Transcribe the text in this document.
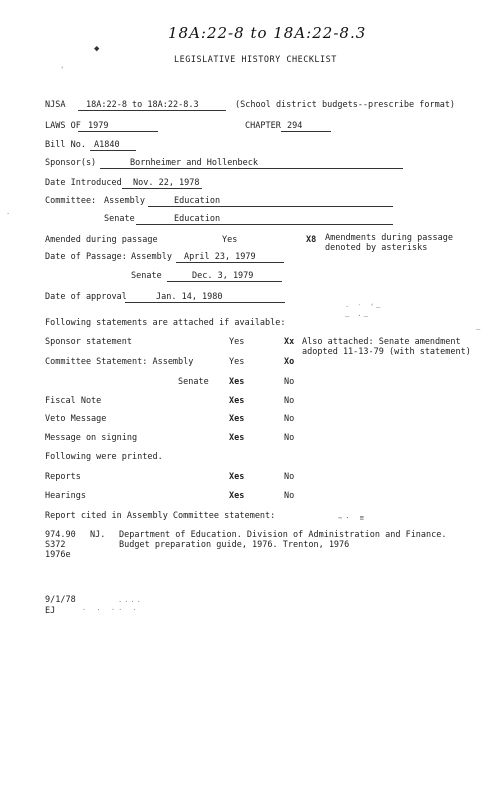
18A:22-8 to 18A:22-8.3
◆
LEGISLATIVE HISTORY CHECKLIST
NJSA 18A:22-8 to 18A:22-8.3	(School district budgets--prescribe format)
LAWS OF 1979	CHAPTER 294
Bill No. A1840
Sponsor(s)	Bornheimer and Hollenbeck
Date Introduced Nov. 22, 1978
Committee: Assembly	Education
Senate	Education
Amended during passage	Yes	X8 Amendments during passage
denoted by asterisks
Date of Passage: Assembly April 23, 1979
Senate	Dec. 3, 1979
Date of approval	Jan. 14, 1980
· ′ ‘—
— ·—
Following statements are attached if available:
Sponsor statement	Yes	Xx Also attached: Senate amendment
adopted 11-13-79 (with statement)
Committee Statement: Assembly	Yes	Xo
Senate Xes	No
Fiscal Note	Xes	No
Veto Message	Xes	No
Message on signing	Xes	No
Following were printed.
Reports	Xes	No
Hearings	Xes	No
Report cited in Assembly Committee statement:	∼⋅ ≡
974.90 NJ. Department of Education. Division of Administration and Finance.
S372	Budget preparation guide, 1976. Trenton, 1976
1976e
9/1/78
EJ	· ⋅ ·· ⋅
····
‘
·
–
